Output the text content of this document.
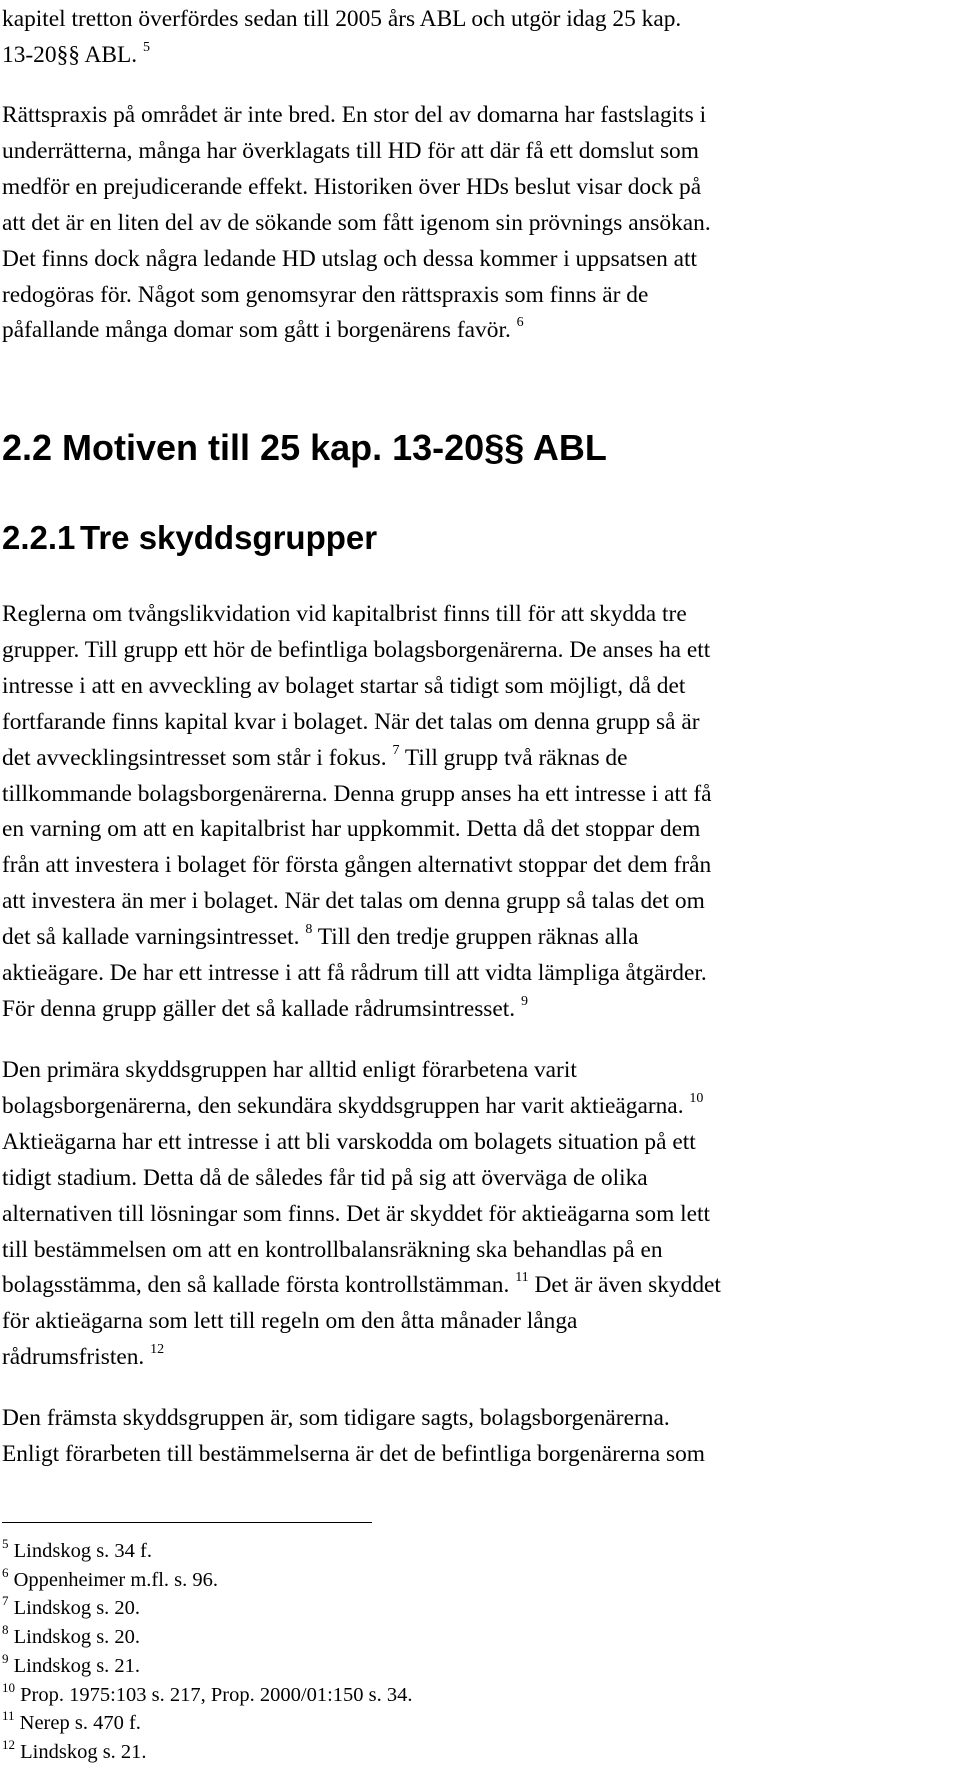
kapitel tretton överfördes sedan till 2005 års ABL och utgör idag 25 kap.
13-20§§ ABL. $^5$
Rättspraxis på området är inte bred. En stor del av domarna har fastslagits i
underrätterna, många har överklagats till HD för att där få ett domslut som
medför en prejudicerande effekt. Historiken över HDs beslut visar dock på
att det är en liten del av de sökande som fått igenom sin prövnings ansökan.
Det finns dock några ledande HD utslag och dessa kommer i uppsatsen att
redogöras för. Något som genomsyrar den rättspraxis som finns är de
påfallande många domar som gått i borgenärens favör. $^6$
2.2 Motiven till 25 kap. 13-20§§ ABL
2.2.1 Tre skyddsgrupper
Reglerna om tvångslikvidation vid kapitalbrist finns till för att skydda tre
grupper. Till grupp ett hör de befintliga bolagsborgenärerna. De anses ha ett
intresse i att en avveckling av bolaget startar så tidigt som möjligt, då det
fortfarande finns kapital kvar i bolaget. När det talas om denna grupp så är
det avvecklingsintresset som står i fokus. $^7$ Till grupp två räknas de
tillkommande bolagsborgenärerna. Denna grupp anses ha ett intresse i att få
en varning om att en kapitalbrist har uppkommit. Detta då det stoppar dem
från att investera i bolaget för första gången alternativt stoppar det dem från
att investera än mer i bolaget. När det talas om denna grupp så talas det om
det så kallade varningsintresset. $^8$ Till den tredje gruppen räknas alla
aktieägare. De har ett intresse i att få rådrum till att vidta lämpliga åtgärder.
För denna grupp gäller det så kallade rådrumsintresset. $^9$
Den primära skyddsgruppen har alltid enligt förarbetena varit
bolagsborgenärerna, den sekundära skyddsgruppen har varit aktieägarna. $^{10}$
Aktieägarna har ett intresse i att bli varskodda om bolagets situation på ett
tidigt stadium. Detta då de således får tid på sig att överväga de olika
alternativen till lösningar som finns. Det är skyddet för aktieägarna som lett
till bestämmelsen om att en kontrollbalansräkning ska behandlas på en
bolagsstämma, den så kallade första kontrollstämman. $^{11}$ Det är även skyddet
för aktieägarna som lett till regeln om den åtta månader långa
rådrumsfristen. $^{12}$
Den främsta skyddsgruppen är, som tidigare sagts, bolagsborgenärerna.
Enligt förarbeten till bestämmelserna är det de befintliga borgenärerna som
$^5$ Lindskog s. 34 f.
$^6$ Oppenheimer m.fl. s. 96.
$^7$ Lindskog s. 20.
$^8$ Lindskog s. 20.
$^9$ Lindskog s. 21.
$^{10}$ Prop. 1975:103 s. 217, Prop. 2000/01:150 s. 34.
$^{11}$ Nerep s. 470 f.
$^{12}$ Lindskog s. 21.
